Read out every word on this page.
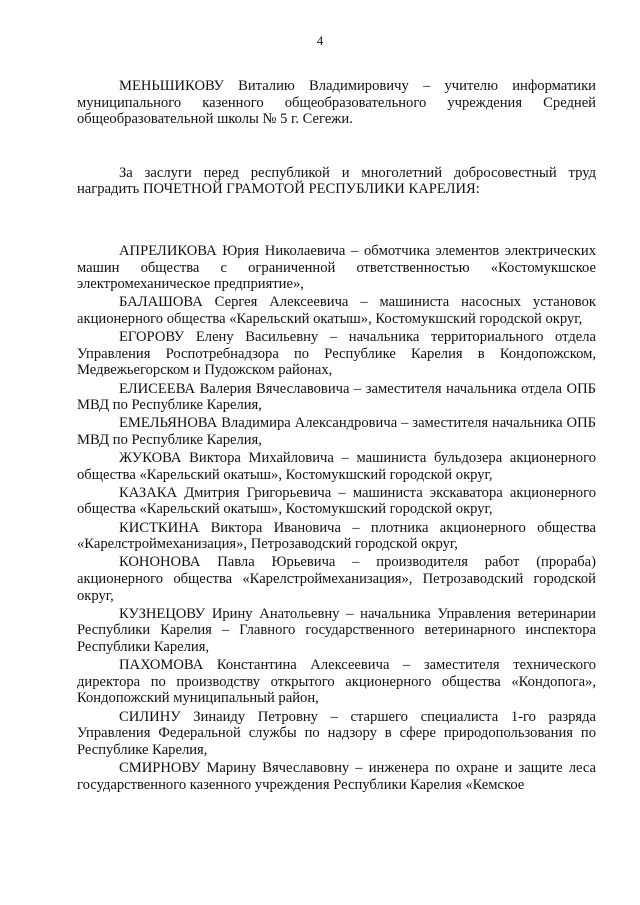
4

МЕНЬШИКОВУ Виталию Владимировичу – учителю информатики муниципального казенного общеобразовательного учреждения Средней общеобразовательной школы № 5 г. Сегежи.

За заслуги перед республикой и многолетний добросовестный труд наградить ПОЧЕТНОЙ ГРАМОТОЙ РЕСПУБЛИКИ КАРЕЛИЯ:

АПРЕЛИКОВА Юрия Николаевича – обмотчика элементов электрических машин общества с ограниченной ответственностью «Костомукшское электромеханическое предприятие»,

БАЛАШОВА Сергея Алексеевича – машиниста насосных установок акционерного общества «Карельский окатыш», Костомукшский городской округ,

ЕГОРОВУ Елену Васильевну – начальника территориального отдела Управления Роспотребнадзора по Республике Карелия в Кондопожском, Медвежьегорском и Пудожском районах,

ЕЛИСЕЕВА Валерия Вячеславовича – заместителя начальника отдела ОПБ МВД по Республике Карелия,

ЕМЕЛЬЯНОВА Владимира Александровича – заместителя начальника ОПБ МВД по Республике Карелия,

ЖУКОВА Виктора Михайловича – машиниста бульдозера акционерного общества «Карельский окатыш», Костомукшский городской округ,

КАЗАКА Дмитрия Григорьевича – машиниста экскаватора акционерного общества «Карельский окатыш», Костомукшский городской округ,

КИСТКИНА Виктора Ивановича – плотника акционерного общества «Карелстроймеханизация», Петрозаводский городской округ,

КОНОНОВА Павла Юрьевича – производителя работ (прораба) акционерного общества «Карелстроймеханизация», Петрозаводский городской округ,

КУЗНЕЦОВУ Ирину Анатольевну – начальника Управления ветеринарии Республики Карелия – Главного государственного ветеринарного инспектора Республики Карелия,

ПАХОМОВА Константина Алексеевича – заместителя технического директора по производству открытого акционерного общества «Кондопога», Кондопожский муниципальный район,

СИЛИНУ Зинаиду Петровну – старшего специалиста 1-го разряда Управления Федеральной службы по надзору в сфере природопользования по Республике Карелия,

СМИРНОВУ Марину Вячеславовну – инженера по охране и защите леса государственного казенного учреждения Республики Карелия «Кемское
